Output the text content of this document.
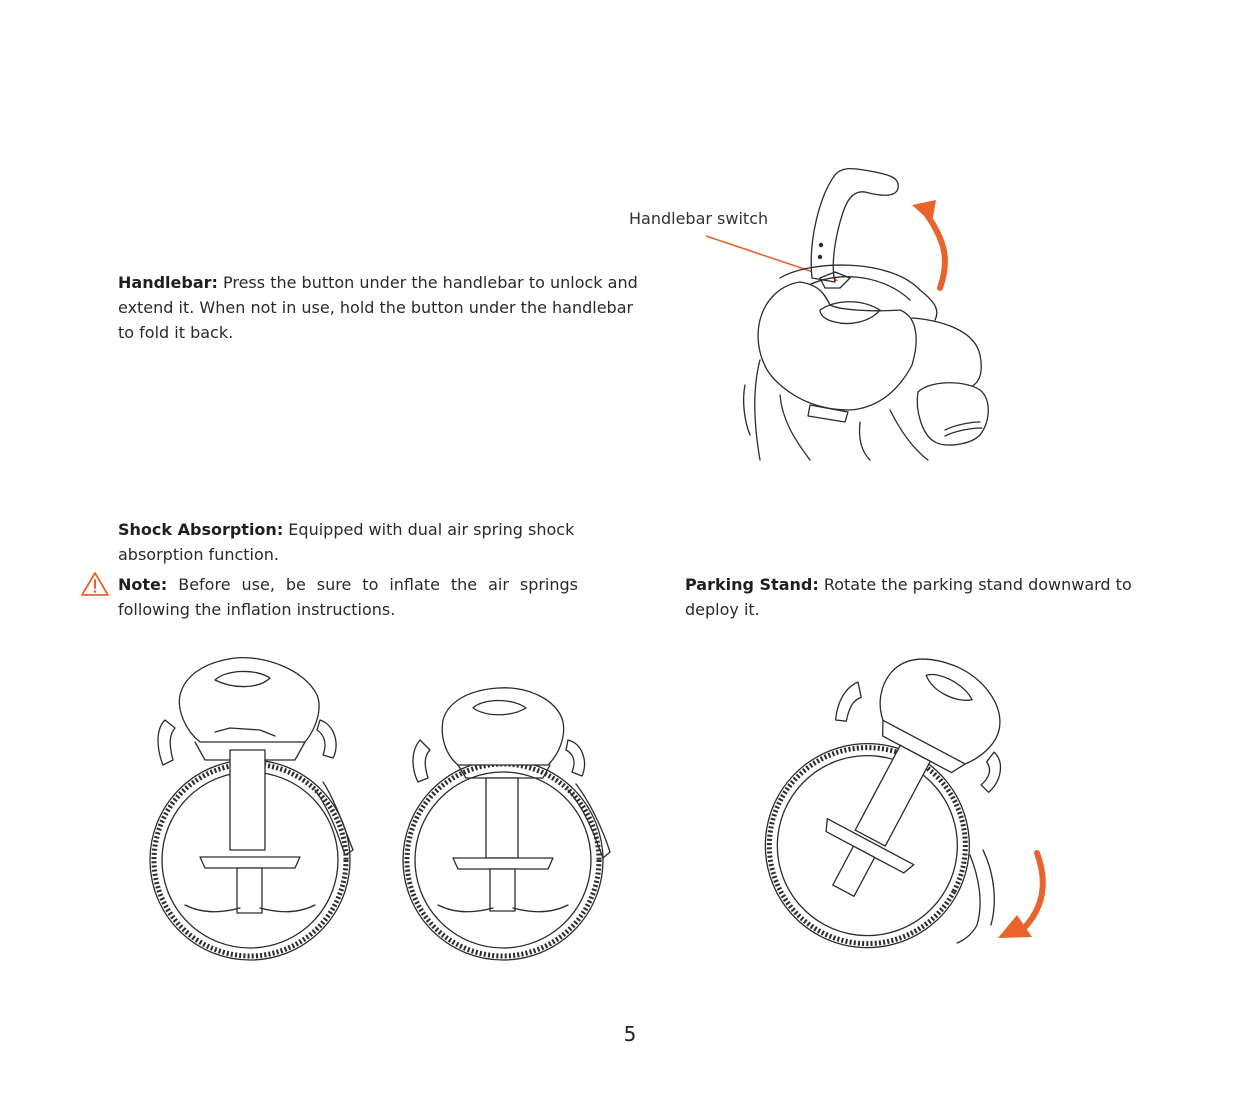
Handlebar: Press the button under the handlebar to unlock and extend it. When not in use, hold the button under the handlebar to fold it back.

Handlebar switch

Shock Absorption: Equipped with dual air spring shock absorption function.

Note: Before use, be sure to inflate the air springs following the inflation instructions.

Parking Stand: Rotate the parking stand downward to deploy it.

5
